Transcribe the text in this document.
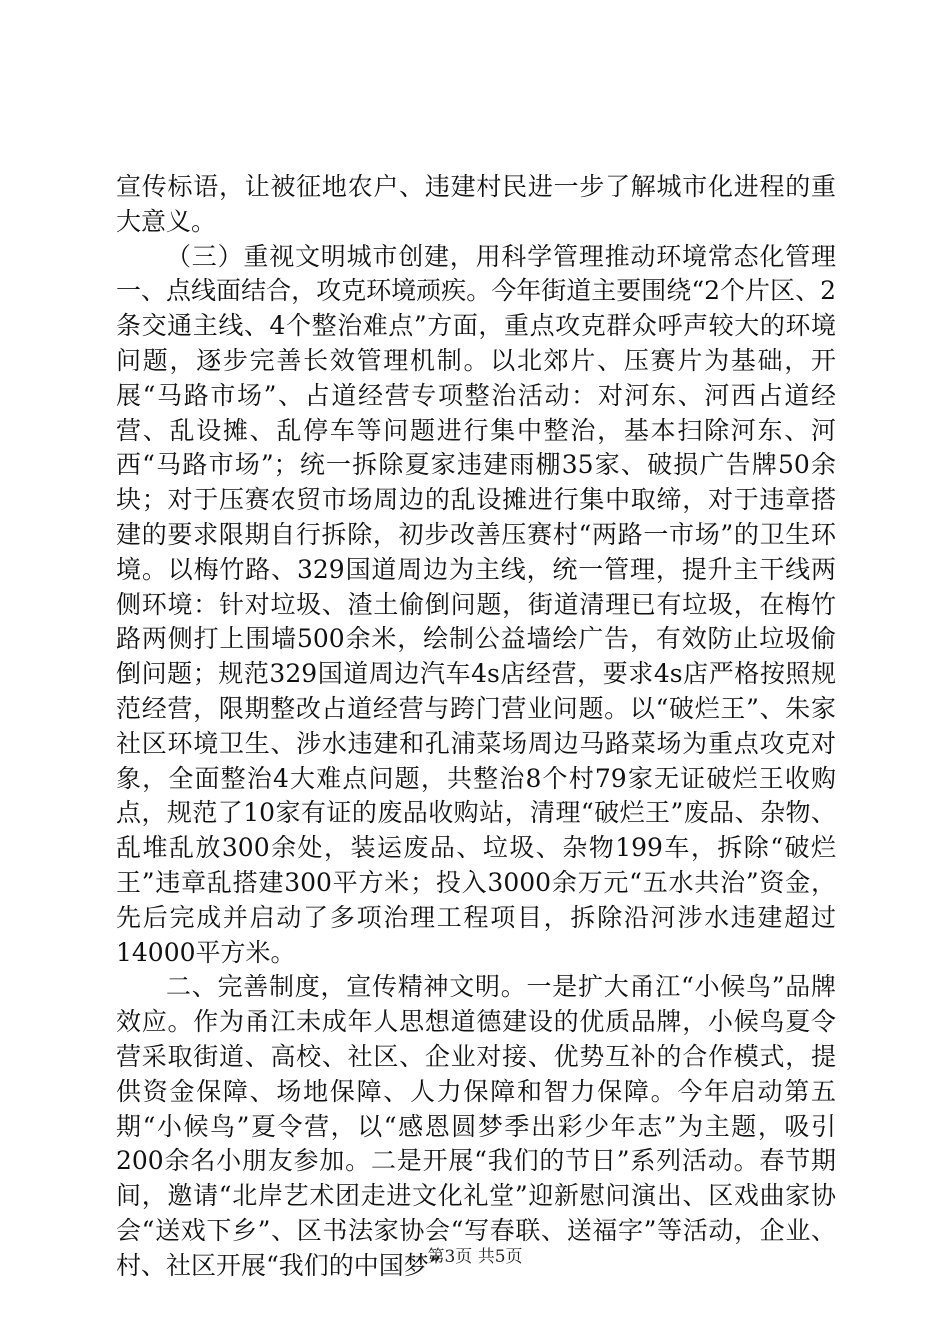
宣传标语，让被征地农户、违建村民进一步了解城市化进程的重大意义。

（三）重视文明城市创建，用科学管理推动环境常态化管理一、点线面结合，攻克环境顽疾。今年街道主要围绕“2个片区、2条交通主线、4个整治难点”方面，重点攻克群众呼声较大的环境问题，逐步完善长效管理机制。以北郊片、压赛片为基础，开展“马路市场”、占道经营专项整治活动：对河东、河西占道经营、乱设摊、乱停车等问题进行集中整治，基本扫除河东、河西“马路市场”；统一拆除夏家违建雨棚35家、破损广告牌50余块；对于压赛农贸市场周边的乱设摊进行集中取缔，对于违章搭建的要求限期自行拆除，初步改善压赛村“两路一市场”的卫生环境。以梅竹路、329国道周边为主线，统一管理，提升主干线两侧环境：针对垃圾、渣土偷倒问题，街道清理已有垃圾，在梅竹路两侧打上围墙500余米，绘制公益墙绘广告，有效防止垃圾偷倒问题；规范329国道周边汽车4s店经营，要求4s店严格按照规范经营，限期整改占道经营与跨门营业问题。以“破烂王”、朱家社区环境卫生、涉水违建和孔浦菜场周边马路菜场为重点攻克对象，全面整治4大难点问题，共整治8个村79家无证破烂王收购点，规范了10家有证的废品收购站，清理“破烂王”废品、杂物、乱堆乱放300余处，装运废品、垃圾、杂物199车，拆除“破烂王”违章乱搭建300平方米；投入3000余万元“五水共治”资金，先后完成并启动了多项治理工程项目，拆除沿河涉水违建超过14000平方米。

二、完善制度，宣传精神文明。一是扩大甬江“小候鸟”品牌效应。作为甬江未成年人思想道德建设的优质品牌，小候鸟夏令营采取街道、高校、社区、企业对接、优势互补的合作模式，提供资金保障、场地保障、人力保障和智力保障。今年启动第五期“小候鸟”夏令营，以“感恩圆梦季出彩少年志”为主题，吸引200余名小朋友参加。二是开展“我们的节日”系列活动。春节期间，邀请“北岸艺术团走进文化礼堂”迎新慰问演出、区戏曲家协会“送戏下乡”、区书法家协会“写春联、送福字”等活动，企业、村、社区开展“我们的中国梦”

第3页 共5页
